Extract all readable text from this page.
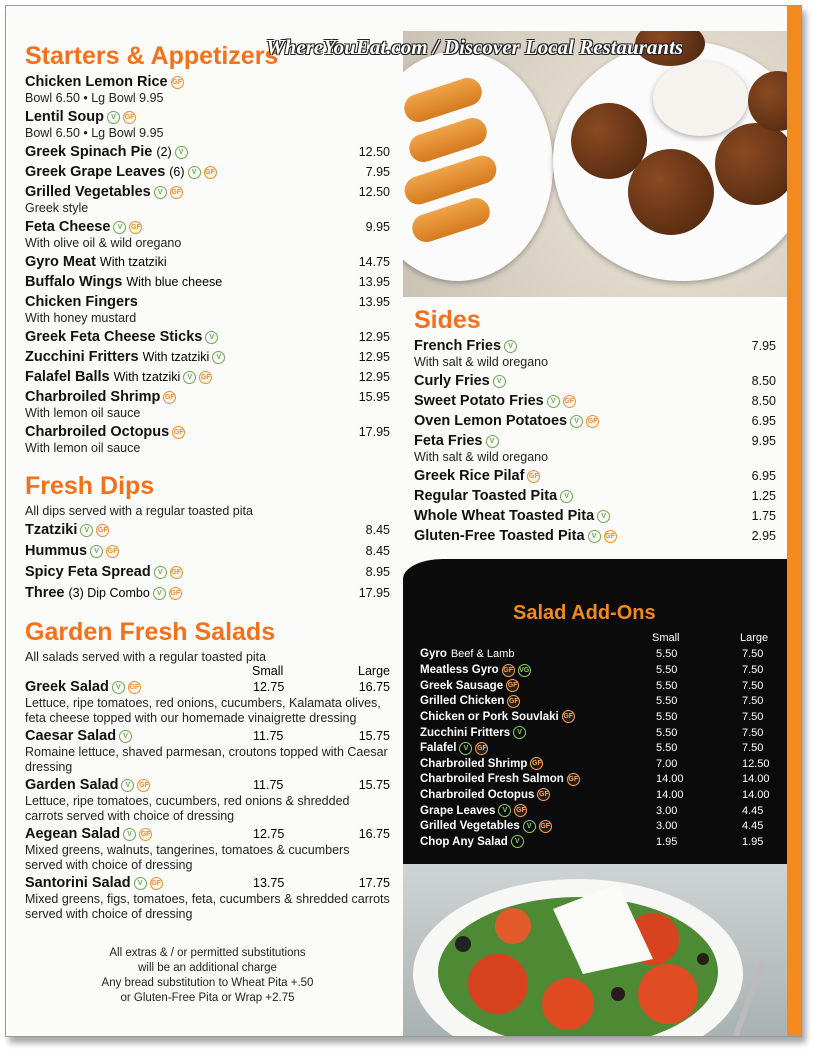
WhereYouEat.com / Discover Local Restaurants
Starters & Appetizers
Chicken Lemon Rice GF
Bowl 6.50 • Lg Bowl 9.95
Lentil Soup	V	GF
Bowl 6.50 • Lg Bowl 9.95
Greek Spinach Pie (2)	V	12.50
Greek Grape Leaves (6)	V	GF	7.95
Grilled Vegetables	V	GF	12.50
Greek style
Feta Cheese	V	GF	9.95
With olive oil & wild oregano
Gyro Meat With tzatziki	14.75
Buffalo Wings With blue cheese	13.95
Chicken Fingers	13.95
With honey mustard
Greek Feta Cheese Sticks	V	12.95
Zucchini Fritters With tzatziki	V	12.95
Falafel Balls With tzatziki	V	GF	12.95
Charbroiled Shrimp GF	15.95
With lemon oil sauce
Charbroiled Octopus GF	17.95
With lemon oil sauce
Fresh Dips
All dips served with a regular toasted pita
Tzatziki	V	GF	8.45
Hummus	V	GF	8.45
Spicy Feta Spread	V	GF	8.95
Three (3) Dip Combo	V	GF	17.95
Garden Fresh Salads
All salads served with a regular toasted pita
Small	Large
Greek Salad	V	GF	12.75	16.75
Lettuce, ripe tomatoes, red onions, cucumbers, Kalamata olives, feta cheese topped with our homemade vinaigrette dressing
Caesar Salad	V	11.75	15.75
Romaine lettuce, shaved parmesan, croutons topped with Caesar dressing
Garden Salad	V	GF	11.75	15.75
Lettuce, ripe tomatoes, cucumbers, red onions & shredded carrots served with choice of dressing
Aegean Salad	V	GF	12.75	16.75
Mixed greens, walnuts, tangerines, tomatoes & cucumbers served with choice of dressing
Santorini Salad	V	GF	13.75	17.75
Mixed greens, figs, tomatoes, feta, cucumbers & shredded carrots served with choice of dressing
All extras & / or permitted substitutions
will be an additional charge
Any bread substitution to Wheat Pita +.50
or Gluten-Free Pita or Wrap +2.75
Sides
French Fries	V	7.95
With salt & wild oregano
Curly Fries	V	8.50
Sweet Potato Fries	V	GF	8.50
Oven Lemon Potatoes	V	GF	6.95
Feta Fries	V	9.95
With salt & wild oregano
Greek Rice Pilaf GF	6.95
Regular Toasted Pita	V	1.25
Whole Wheat Toasted Pita	V	1.75
Gluten-Free Toasted Pita	V	GF	2.95
Salad Add-Ons
Small	Large
Gyro Beef & Lamb	5.50	7.50
Meatless Gyro GF VG	5.50	7.50
Greek Sausage GF	5.50	7.50
Grilled Chicken GF	5.50	7.50
Chicken or Pork Souvlaki GF	5.50	7.50
Zucchini Fritters	V	5.50	7.50
Falafel	V	GF	5.50	7.50
Charbroiled Shrimp GF	7.00	12.50
Charbroiled Fresh Salmon GF	14.00	14.00
Charbroiled Octopus GF	14.00	14.00
Grape Leaves	V	GF	3.00	4.45
Grilled Vegetables	V	GF	3.00	4.45
Chop Any Salad	V	1.95	1.95
